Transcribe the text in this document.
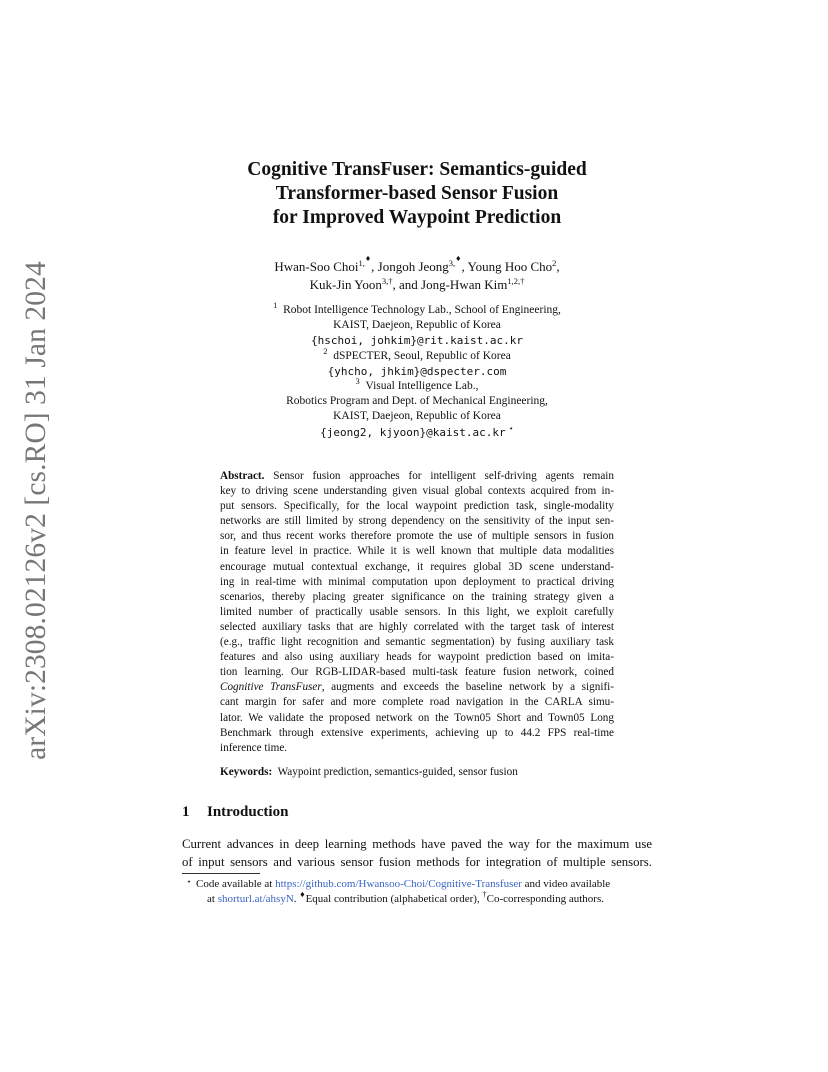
arXiv:2308.02126v2 [cs.RO] 31 Jan 2024
Cognitive TransFuser: Semantics-guided
Transformer-based Sensor Fusion
for Improved Waypoint Prediction
Hwan-Soo Choi$^{1,^♦}$, Jongoh Jeong$^{3,^♦}$, Young Hoo Cho$^2$,
Kuk-Jin Yoon$^{3,\dagger}$, and Jong-Hwan Kim$^{1,2,\dagger}$
$^1$ Robot Intelligence Technology Lab., School of Engineering,
KAIST, Daejeon, Republic of Korea
{hschoi, johkim}@rit.kaist.ac.kr
$^2$ dSPECTER, Seoul, Republic of Korea
{yhcho, jhkim}@dspecter.com
$^3$ Visual Intelligence Lab.,
Robotics Program and Dept. of Mechanical Engineering,
KAIST, Daejeon, Republic of Korea
{jeong2, kjyoon}@kaist.ac.kr ⋆
Abstract. Sensor fusion approaches for intelligent self-driving agents remain
key to driving scene understanding given visual global contexts acquired from in-
put sensors. Specifically, for the local waypoint prediction task, single-modality
networks are still limited by strong dependency on the sensitivity of the input sen-
sor, and thus recent works therefore promote the use of multiple sensors in fusion
in feature level in practice. While it is well known that multiple data modalities
encourage mutual contextual exchange, it requires global 3D scene understand-
ing in real-time with minimal computation upon deployment to practical driving
scenarios, thereby placing greater significance on the training strategy given a
limited number of practically usable sensors. In this light, we exploit carefully
selected auxiliary tasks that are highly correlated with the target task of interest
(e.g., traffic light recognition and semantic segmentation) by fusing auxiliary task
features and also using auxiliary heads for waypoint prediction based on imita-
tion learning. Our RGB-LIDAR-based multi-task feature fusion network, coined
Cognitive TransFuser, augments and exceeds the baseline network by a signifi-
cant margin for safer and more complete road navigation in the CARLA simu-
lator. We validate the proposed network on the Town05 Short and Town05 Long
Benchmark through extensive experiments, achieving up to 44.2 FPS real-time
inference time.
Keywords: Waypoint prediction, semantics-guided, sensor fusion
1 Introduction
Current advances in deep learning methods have paved the way for the maximum use
of input sensors and various sensor fusion methods for integration of multiple sensors.
⋆ Code available at https://github.com/Hwansoo-Choi/Cognitive-Transfuser and video available
at shorturl.at/ahsyN. ♦Equal contribution (alphabetical order), †Co-corresponding authors.
